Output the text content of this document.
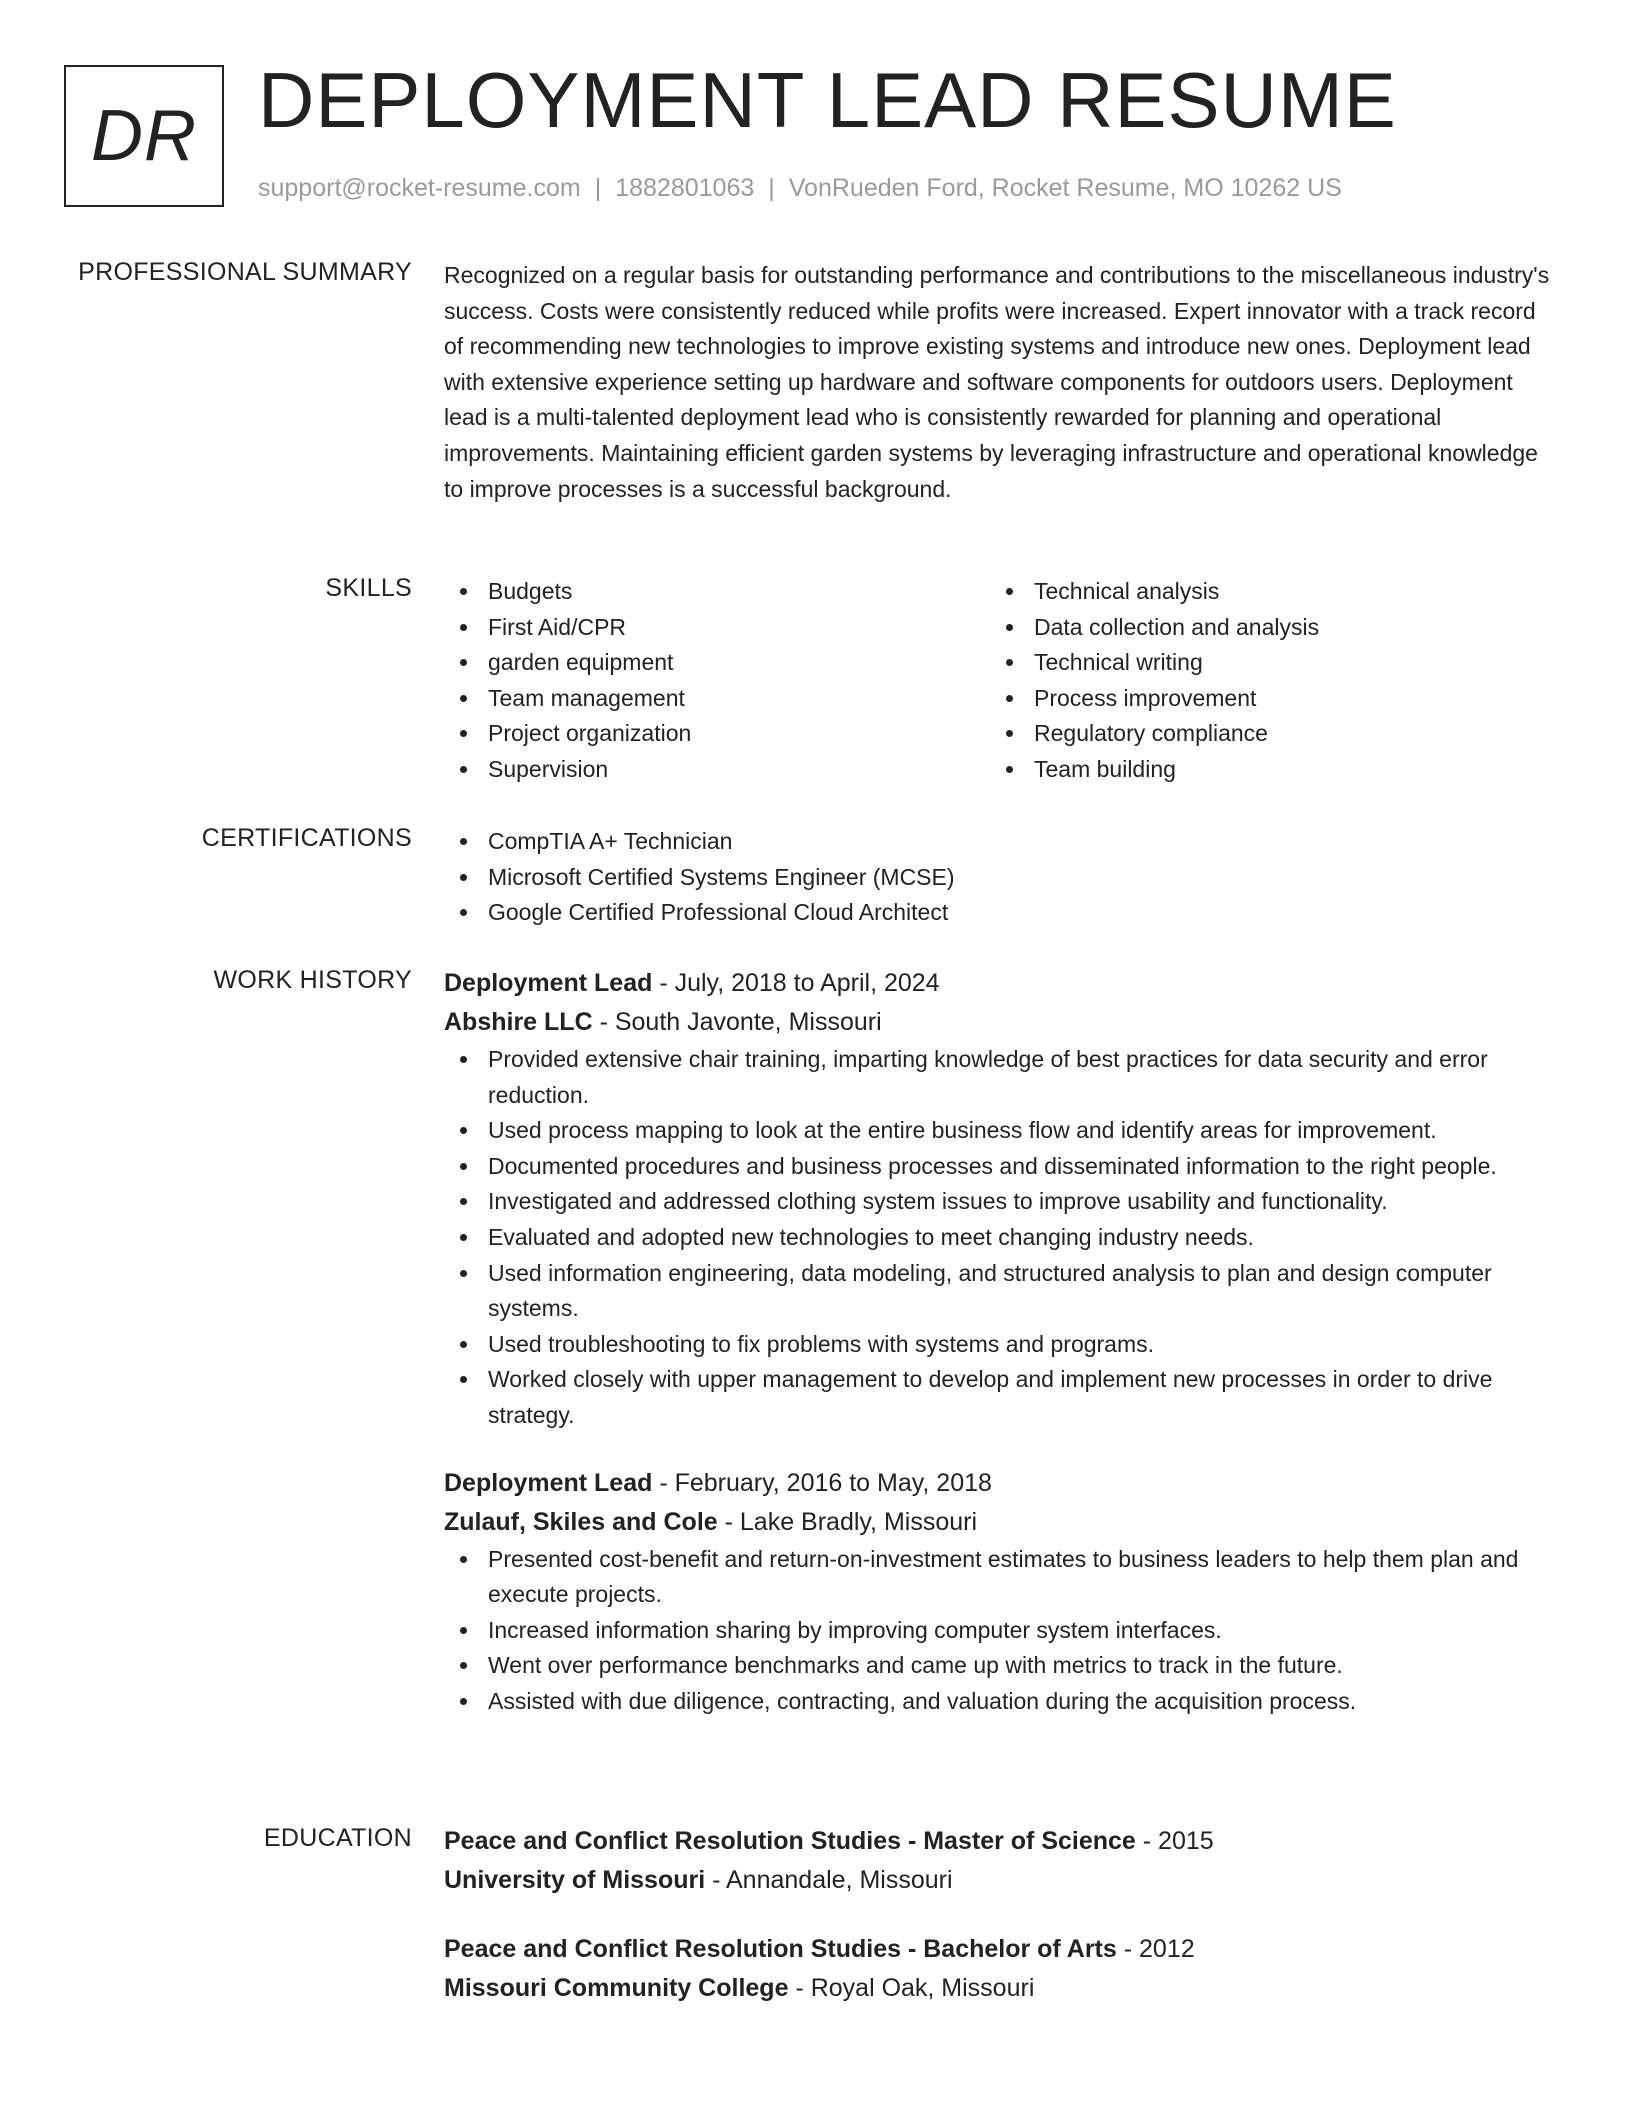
DR DEPLOYMENT LEAD RESUME
support@rocket-resume.com | 1882801063 | VonRueden Ford, Rocket Resume, MO 10262 US
PROFESSIONAL SUMMARY Recognized on a regular basis for outstanding performance and contributions to the miscellaneous industry's success. Costs were consistently reduced while profits were increased. Expert innovator with a track record of recommending new technologies to improve existing systems and introduce new ones. Deployment lead with extensive experience setting up hardware and software components for outdoors users. Deployment lead is a multi-talented deployment lead who is consistently rewarded for planning and operational improvements. Maintaining efficient garden systems by leveraging infrastructure and operational knowledge to improve processes is a successful background.

SKILLS	Budgets
First Aid/CPR
garden equipment
Team management
Project organization
Supervision
Technical analysis
Data collection and analysis
Technical writing
Process improvement
Regulatory compliance
Team building
CERTIFICATIONS	CompTIA A+ Technician
Microsoft Certified Systems Engineer (MCSE)
Google Certified Professional Cloud Architect
WORK HISTORY Deployment Lead - July, 2018 to April, 2024
Abshire LLC - South Javonte, Missouri
Provided extensive chair training, imparting knowledge of best practices for data security and error reduction.
Used process mapping to look at the entire business flow and identify areas for improvement.
Documented procedures and business processes and disseminated information to the right people.
Investigated and addressed clothing system issues to improve usability and functionality.
Evaluated and adopted new technologies to meet changing industry needs.
Used information engineering, data modeling, and structured analysis to plan and design computer systems.
Used troubleshooting to fix problems with systems and programs.
Worked closely with upper management to develop and implement new processes in order to drive strategy.
Deployment Lead - February, 2016 to May, 2018
Zulauf, Skiles and Cole - Lake Bradly, Missouri
Presented cost-benefit and return-on-investment estimates to business leaders to help them plan and execute projects.
Increased information sharing by improving computer system interfaces.
Went over performance benchmarks and came up with metrics to track in the future.
Assisted with due diligence, contracting, and valuation during the acquisition process.
EDUCATION Peace and Conflict Resolution Studies - Master of Science - 2015
University of Missouri - Annandale, Missouri
Peace and Conflict Resolution Studies - Bachelor of Arts - 2012
Missouri Community College - Royal Oak, Missouri
